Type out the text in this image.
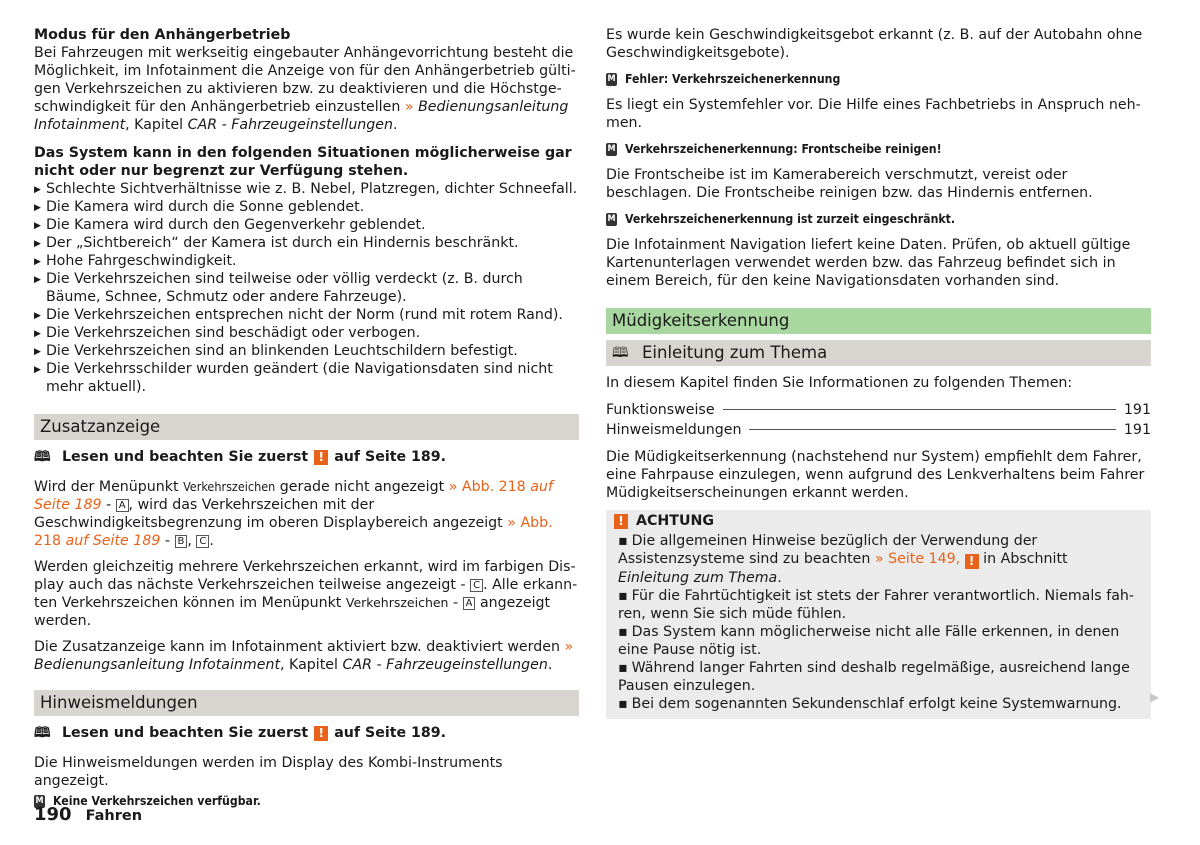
Modus für den Anhängerbetrieb
Bei Fahrzeugen mit werkseitig eingebauter Anhängevorrichtung besteht die Möglichkeit, im Infotainment die Anzeige von für den Anhängerbetrieb gültigen Verkehrszeichen zu aktivieren bzw. zu deaktivieren und die Höchstgeschwindigkeit für den Anhängerbetrieb einzustellen » Bedienungsanleitung Infotainment, Kapitel CAR - Fahrzeugeinstellungen.

Das System kann in den folgenden Situationen möglicherweise gar nicht oder nur begrenzt zur Verfügung stehen.

▶ Schlechte Sichtverhältnisse wie z. B. Nebel, Platzregen, dichter Schneefall.
▶ Die Kamera wird durch die Sonne geblendet.
▶ Die Kamera wird durch den Gegenverkehr geblendet.
▶ Der „Sichtbereich“ der Kamera ist durch ein Hindernis beschränkt.
▶ Hohe Fahrgeschwindigkeit.
▶ Die Verkehrszeichen sind teilweise oder völlig verdeckt (z. B. durch Bäume, Schnee, Schmutz oder andere Fahrzeuge).
▶ Die Verkehrszeichen entsprechen nicht der Norm (rund mit rotem Rand).
▶ Die Verkehrszeichen sind beschädigt oder verbogen.
▶ Die Verkehrszeichen sind an blinkenden Leuchtschildern befestigt.
▶ Die Verkehrsschilder wurden geändert (die Navigationsdaten sind nicht mehr aktuell).
Zusatzanzeige
🕮 Lesen und beachten Sie zuerst ! auf Seite 189.

Wird der Menüpunkt Verkehrszeichen gerade nicht angezeigt » Abb. 218 auf Seite 189 - A , wird das Verkehrszeichen mit der Geschwindigkeitsbegrenzung im oberen Displaybereich angezeigt » Abb. 218 auf Seite 189 - B , C .

Werden gleichzeitig mehrere Verkehrszeichen erkannt, wird im farbigen Display auch das nächste Verkehrszeichen teilweise angezeigt - C . Alle erkannten Verkehrszeichen können im Menüpunkt Verkehrszeichen - A angezeigt werden.

Die Zusatzanzeige kann im Infotainment aktiviert bzw. deaktiviert werden » Bedienungsanleitung Infotainment, Kapitel CAR - Fahrzeugeinstellungen.

Hinweismeldungen
🕮 Lesen und beachten Sie zuerst ! auf Seite 189.

Die Hinweismeldungen werden im Display des Kombi-Instruments angezeigt.

M Keine Verkehrszeichen verfügbar.

Es wurde kein Geschwindigkeitsgebot erkannt (z. B. auf der Autobahn ohne Geschwindigkeitsgebote).

M Fehler: Verkehrszeichenerkennung

Es liegt ein Systemfehler vor. Die Hilfe eines Fachbetriebs in Anspruch nehmen.

M Verkehrszeichenerkennung: Frontscheibe reinigen!

Die Frontscheibe ist im Kamerabereich verschmutzt, vereist oder beschlagen. Die Frontscheibe reinigen bzw. das Hindernis entfernen.

M Verkehrszeichenerkennung ist zurzeit eingeschränkt.

Die Infotainment Navigation liefert keine Daten. Prüfen, ob aktuell gültige Kartenunterlagen verwendet werden bzw. das Fahrzeug befindet sich in einem Bereich, für den keine Navigationsdaten vorhanden sind.

Müdigkeitserkennung
🕮 Einleitung zum Thema

In diesem Kapitel finden Sie Informationen zu folgenden Themen:

Funktionsweise	191
Hinweismeldungen	191

Die Müdigkeitserkennung (nachstehend nur System) empfiehlt dem Fahrer, eine Fahrpause einzulegen, wenn aufgrund des Lenkverhaltens beim Fahrer Müdigkeitserscheinungen erkannt werden.

! ACHTUNG
▪ Die allgemeinen Hinweise bezüglich der Verwendung der Assistenzsysteme sind zu beachten » Seite 149, ! in Abschnitt Einleitung zum Thema.
▪ Für die Fahrtüchtigkeit ist stets der Fahrer verantwortlich. Niemals fahren, wenn Sie sich müde fühlen.
▪ Das System kann möglicherweise nicht alle Fälle erkennen, in denen eine Pause nötig ist.
▪ Während langer Fahrten sind deshalb regelmäßige, ausreichend lange Pausen einzulegen.
▪ Bei dem sogenannten Sekundenschlaf erfolgt keine Systemwarnung.	▶
190 Fahren
